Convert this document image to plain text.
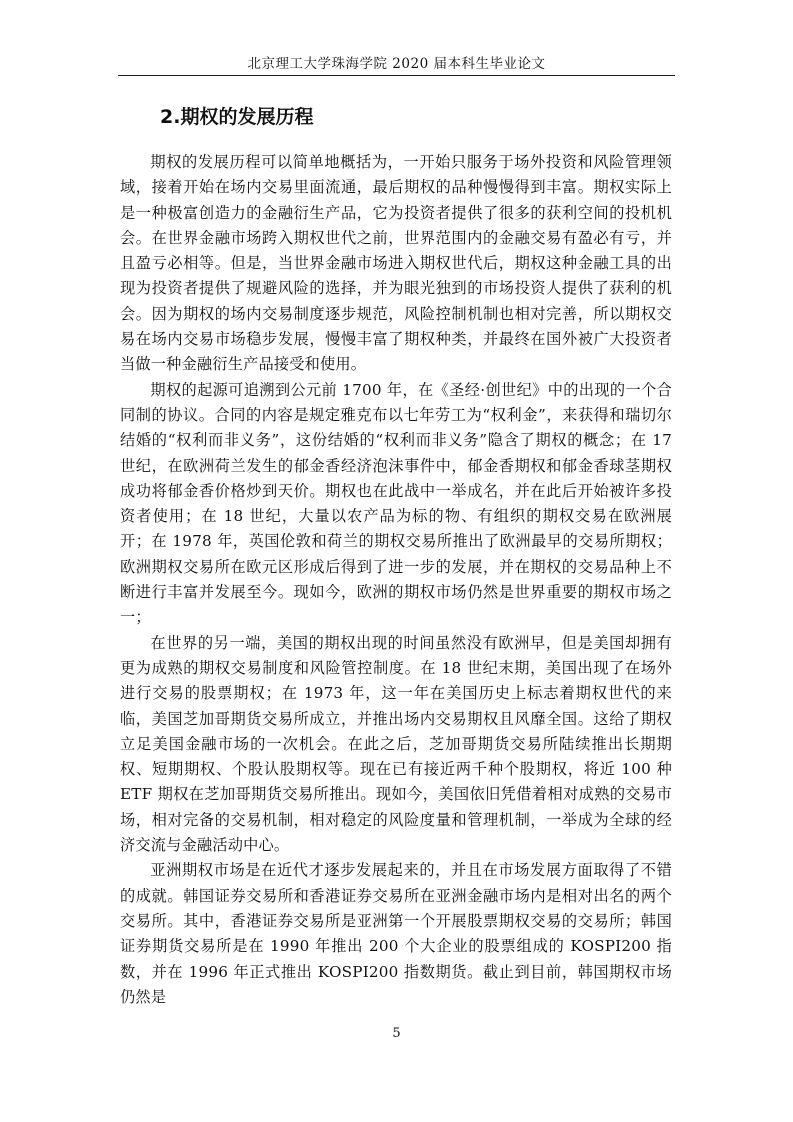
北京理工大学珠海学院 2020 届本科生毕业论文
2.期权的发展历程

期权的发展历程可以简单地概括为，一开始只服务于场外投资和风险管理领域，接着开始在场内交易里面流通，最后期权的品种慢慢得到丰富。期权实际上是一种极富创造力的金融衍生产品，它为投资者提供了很多的获利空间的投机机会。在世界金融市场跨入期权世代之前，世界范围内的金融交易有盈必有亏，并且盈亏必相等。但是，当世界金融市场进入期权世代后，期权这种金融工具的出现为投资者提供了规避风险的选择，并为眼光独到的市场投资人提供了获利的机会。因为期权的场内交易制度逐步规范，风险控制机制也相对完善，所以期权交易在场内交易市场稳步发展，慢慢丰富了期权种类，并最终在国外被广大投资者当做一种金融衍生产品接受和使用。

期权的起源可追溯到公元前 1700 年，在《圣经·创世纪》中的出现的一个合同制的协议。合同的内容是规定雅克布以七年劳工为“权利金”，来获得和瑞切尔结婚的“权利而非义务”，这份结婚的“权利而非义务”隐含了期权的概念；在 17 世纪，在欧洲荷兰发生的郁金香经济泡沫事件中，郁金香期权和郁金香球茎期权成功将郁金香价格炒到天价。期权也在此战中一举成名，并在此后开始被许多投资者使用；在 18 世纪，大量以农产品为标的物、有组织的期权交易在欧洲展开；在 1978 年，英国伦敦和荷兰的期权交易所推出了欧洲最早的交易所期权；欧洲期权交易所在欧元区形成后得到了进一步的发展，并在期权的交易品种上不断进行丰富并发展至今。现如今，欧洲的期权市场仍然是世界重要的期权市场之一；

在世界的另一端，美国的期权出现的时间虽然没有欧洲早，但是美国却拥有更为成熟的期权交易制度和风险管控制度。在 18 世纪末期，美国出现了在场外进行交易的股票期权；在 1973 年，这一年在美国历史上标志着期权世代的来临，美国芝加哥期货交易所成立，并推出场内交易期权且风靡全国。这给了期权立足美国金融市场的一次机会。在此之后，芝加哥期货交易所陆续推出长期期权、短期期权、个股认股期权等。现在已有接近两千种个股期权，将近 100 种 ETF 期权在芝加哥期货交易所推出。现如今，美国依旧凭借着相对成熟的交易市场，相对完备的交易机制，相对稳定的风险度量和管理机制，一举成为全球的经济交流与金融活动中心。

亚洲期权市场是在近代才逐步发展起来的，并且在市场发展方面取得了不错的成就。韩国证券交易所和香港证券交易所在亚洲金融市场内是相对出名的两个交易所。其中，香港证券交易所是亚洲第一个开展股票期权交易的交易所；韩国证券期货交易所是在 1990 年推出 200 个大企业的股票组成的 KOSPI200 指数，并在 1996 年正式推出 KOSPI200 指数期货。截止到目前，韩国期权市场仍然是

5
